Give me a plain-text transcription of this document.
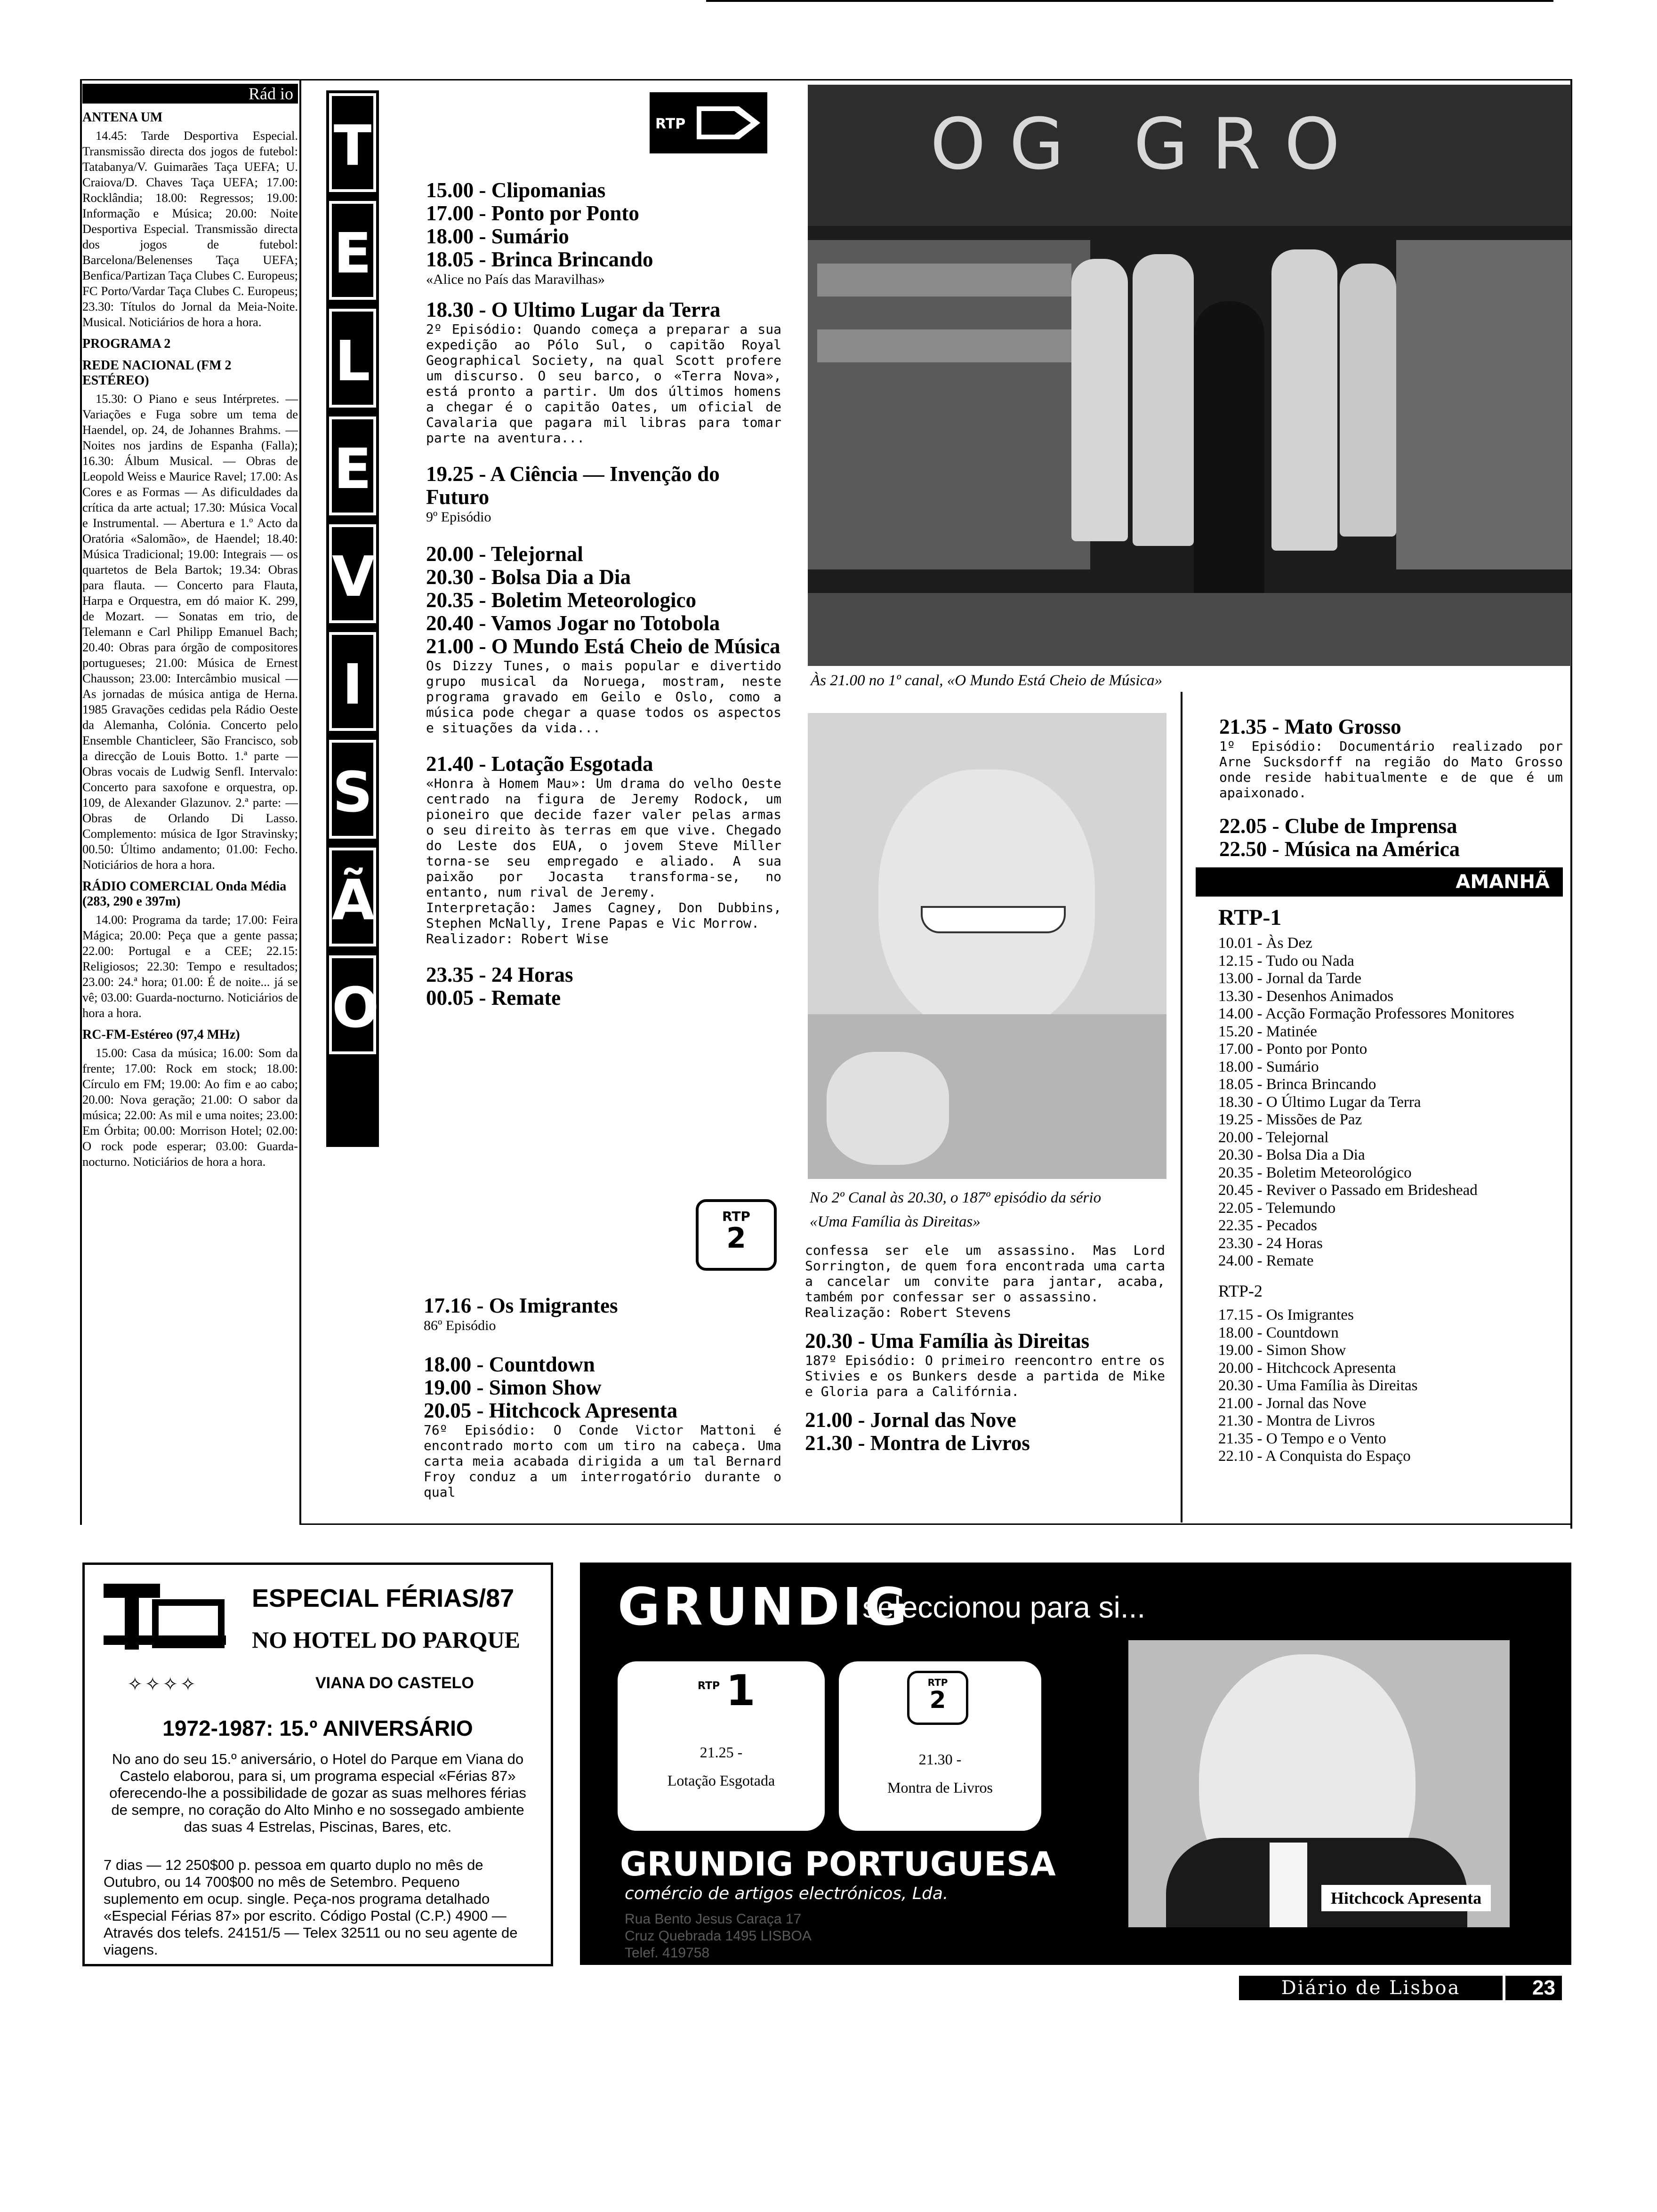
Rád io
ANTENA UM
14.45: Tarde Desportiva Especial. Transmissão directa dos jogos de futebol: Tatabanya/V. Guimarães Taça UEFA; U. Craiova/D. Chaves Taça UEFA; 17.00: Rocklândia; 18.00: Regressos; 19.00: Informação e Música; 20.00: Noite Desportiva Especial. Transmissão directa dos jogos de futebol: Barcelona/Belenenses Taça UEFA; Benfica/Partizan Taça Clubes C. Europeus; FC Porto/Vardar Taça Clubes C. Europeus; 23.30: Títulos do Jornal da Meia-Noite. Musical. Noticiários de hora a hora.
PROGRAMA 2
REDE NACIONAL (FM 2 ESTÉREO)
15.30: O Piano e seus Intérpretes. — Variações e Fuga sobre um tema de Haendel, op. 24, de Johannes Brahms. — Noites nos jardins de Espanha (Falla); 16.30: Álbum Musical. — Obras de Leopold Weiss e Maurice Ravel; 17.00: As Cores e as Formas — As dificuldades da crítica da arte actual; 17.30: Música Vocal e Instrumental. — Abertura e 1.º Acto da Oratória «Salomão», de Haendel; 18.40: Música Tradicional; 19.00: Integrais — os quartetos de Bela Bartok; 19.34: Obras para flauta. — Concerto para Flauta, Harpa e Orquestra, em dó maior K. 299, de Mozart. — Sonatas em trio, de Telemann e Carl Philipp Emanuel Bach; 20.40: Obras para órgão de compositores portugueses; 21.00: Música de Ernest Chausson; 23.00: Intercâmbio musical — As jornadas de música antiga de Herna. 1985 Gravações cedidas pela Rádio Oeste da Alemanha, Colónia. Concerto pelo Ensemble Chanticleer, São Francisco, sob a direcção de Louis Botto. 1.ª parte — Obras vocais de Ludwig Senfl. Intervalo: Concerto para saxofone e orquestra, op. 109, de Alexander Glazunov. 2.ª parte: — Obras de Orlando Di Lasso. Complemento: música de Igor Stravinsky; 00.50: Último andamento; 01.00: Fecho. Noticiários de hora a hora.
RÁDIO COMERCIAL Onda Média (283, 290 e 397m)
14.00: Programa da tarde; 17.00: Feira Mágica; 20.00: Peça que a gente passa; 22.00: Portugal e a CEE; 22.15: Religiosos; 22.30: Tempo e resultados; 23.00: 24.ª hora; 01.00: É de noite... já se vê; 03.00: Guarda-nocturno. Noticiários de hora a hora.
RC-FM-Estéreo (97,4 MHz)
15.00: Casa da música; 16.00: Som da frente; 17.00: Rock em stock; 18.00: Círculo em FM; 19.00: Ao fim e ao cabo; 20.00: Nova geração; 21.00: O sabor da música; 22.00: As mil e uma noites; 23.00: Em Órbita; 00.00: Morrison Hotel; 02.00: O rock pode esperar; 03.00: Guarda-nocturno. Noticiários de hora a hora.
T
E
L
E
V
I
S
Ã
O
RTP
15.00 - Clipomanias
17.00 - Ponto por Ponto
18.00 - Sumário
18.05 - Brinca Brincando
«Alice no País das Maravilhas»
18.30 - O Ultimo Lugar da Terra
2º Episódio: Quando começa a preparar a sua expedição ao Pólo Sul, o capitão Royal Geographical Society, na qual Scott profere um discurso. O seu barco, o «Terra Nova», está pronto a partir. Um dos últimos homens a chegar é o capitão Oates, um oficial de Cavalaria que pagara mil libras para tomar parte na aventura...
19.25 - A Ciência — Invenção do Futuro
9º Episódio
20.00 - Telejornal
20.30 - Bolsa Dia a Dia
20.35 - Boletim Meteorologico
20.40 - Vamos Jogar no Totobola
21.00 - O Mundo Está Cheio de Música
Os Dizzy Tunes, o mais popular e divertido grupo musical da Noruega, mostram, neste programa gravado em Geilo e Oslo, como a música pode chegar a quase todos os aspectos e situações da vida...
21.40 - Lotação Esgotada
«Honra à Homem Mau»: Um drama do velho Oeste centrado na figura de Jeremy Rodock, um pioneiro que decide fazer valer pelas armas o seu direito às terras em que vive. Chegado do Leste dos EUA, o jovem Steve Miller torna-se seu empregado e aliado. A sua paixão por Jocasta transforma-se, no entanto, num rival de Jeremy.
Interpretação: James Cagney, Don Dubbins, Stephen McNally, Irene Papas e Vic Morrow.
Realizador: Robert Wise
23.35 - 24 Horas
00.05 - Remate
RTP
2
17.16 - Os Imigrantes
86º Episódio
18.00 - Countdown
19.00 - Simon Show
20.05 - Hitchcock Apresenta
76º Episódio: O Conde Victor Mattoni é encontrado morto com um tiro na cabeça. Uma carta meia acabada dirigida a um tal Bernard Froy conduz a um interrogatório durante o qual
OG GRO
Às 21.00 no 1º canal, «O Mundo Está Cheio de Música»
No 2º Canal às 20.30, o 187º episódio da sério
«Uma Família às Direitas»
confessa ser ele um assassino. Mas Lord Sorrington, de quem fora encontrada uma carta a cancelar um convite para jantar, acaba, também por confessar ser o assassino.
Realização: Robert Stevens
20.30 - Uma Família às Direitas
187º Episódio: O primeiro reencontro entre os Stivies e os Bunkers desde a partida de Mike e Gloria para a Califórnia.
21.00 - Jornal das Nove
21.30 - Montra de Livros
21.35 - Mato Grosso
1º Episódio: Documentário realizado por Arne Sucksdorff na região do Mato Grosso onde reside habitualmente e de que é um apaixonado.
22.05 - Clube de Imprensa
22.50 - Música na América
AMANHÃ
RTP-1
10.01 - Às Dez
12.15 - Tudo ou Nada
13.00 - Jornal da Tarde
13.30 - Desenhos Animados
14.00 - Acção Formação Professores Monitores
15.20 - Matinée
17.00 - Ponto por Ponto
18.00 - Sumário
18.05 - Brinca Brincando
18.30 - O Último Lugar da Terra
19.25 - Missões de Paz
20.00 - Telejornal
20.30 - Bolsa Dia a Dia
20.35 - Boletim Meteorológico
20.45 - Reviver o Passado em Brideshead
22.05 - Telemundo
22.35 - Pecados
23.30 - 24 Horas
24.00 - Remate
RTP-2
17.15 - Os Imigrantes
18.00 - Countdown
19.00 - Simon Show
20.00 - Hitchcock Apresenta
20.30 - Uma Família às Direitas
21.00 - Jornal das Nove
21.30 - Montra de Livros
21.35 - O Tempo e o Vento
22.10 - A Conquista do Espaço
ESPECIAL FÉRIAS/87
NO HOTEL DO PARQUE
✧✧✧✧	VIANA DO CASTELO
1972-1987: 15.º ANIVERSÁRIO
No ano do seu 15.º aniversário, o Hotel do Parque em Viana do Castelo elaborou, para si, um programa especial «Férias 87» oferecendo-lhe a possibilidade de gozar as suas melhores férias de sempre, no coração do Alto Minho e no sossegado ambiente das suas 4 Estrelas, Piscinas, Bares, etc.
7 dias — 12 250$00 p. pessoa em quarto duplo no mês de Outubro, ou 14 700$00 no mês de Setembro. Pequeno suplemento em ocup. single. Peça-nos programa detalhado «Especial Férias 87» por escrito. Código Postal (C.P.) 4900 — Através dos telefs. 24151/5 — Telex 32511 ou no seu agente de viagens.
GRUNDIG
seleccionou para si...
RTP 1
21.25 -
Lotação Esgotada
RTP
2
21.30 -
Montra de Livros
GRUNDIG PORTUGUESA
comércio de artigos electrónicos, Lda.
Rua Bento Jesus Caraça 17
Cruz Quebrada 1495 LISBOA
Telef. 419758
Hitchcock Apresenta
Diário de Lisboa	23
